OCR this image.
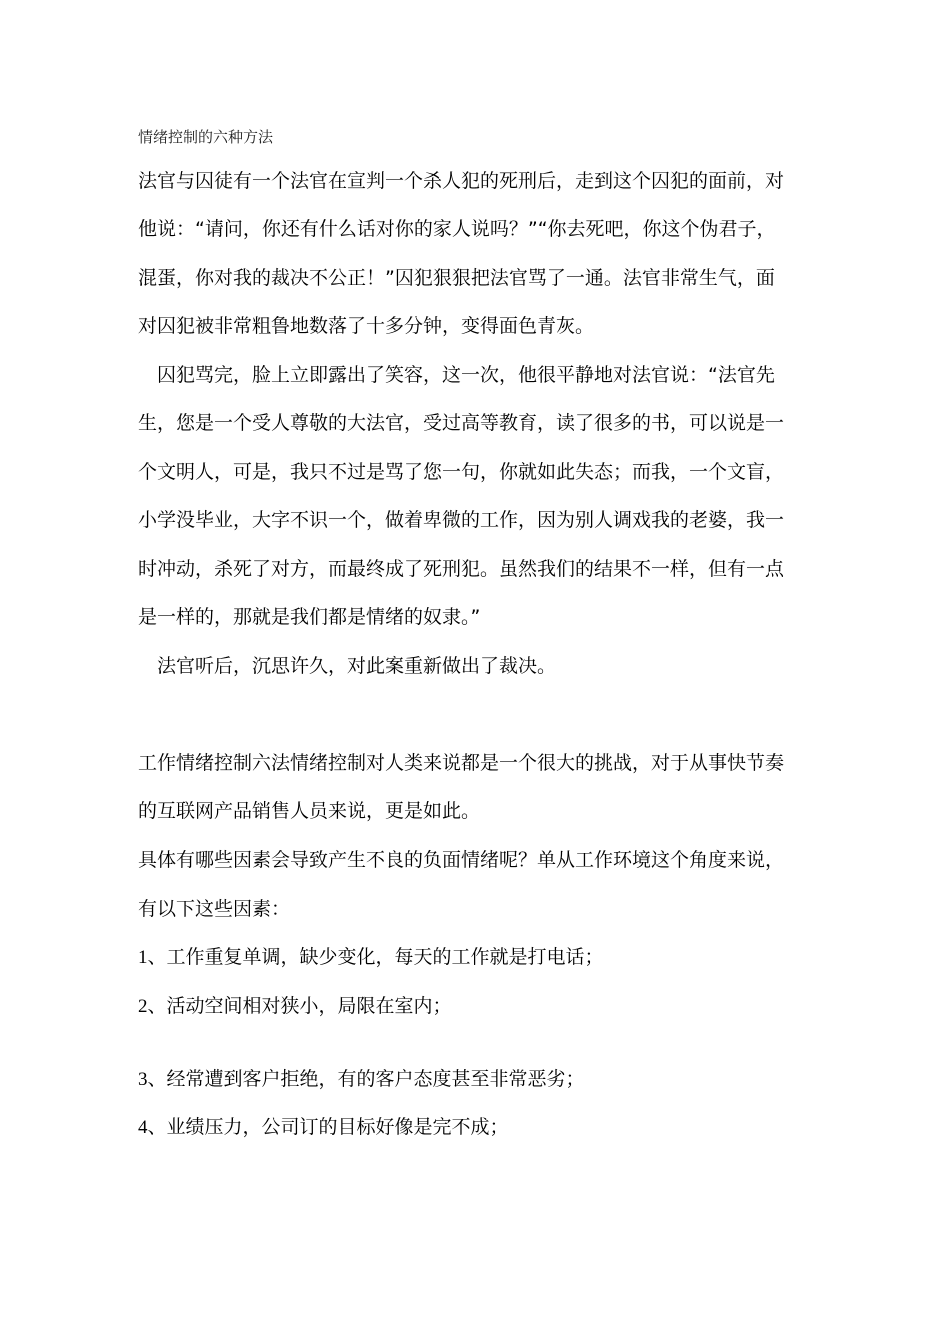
情绪控制的六种方法
法官与囚徒有一个法官在宣判一个杀人犯的死刑后，走到这个囚犯的面前，对
他说：“请问，你还有什么话对你的家人说吗？”“你去死吧，你这个伪君子，
混蛋，你对我的裁决不公正！”囚犯狠狠把法官骂了一通。法官非常生气，面
对囚犯被非常粗鲁地数落了十多分钟，变得面色青灰。
　囚犯骂完，脸上立即露出了笑容，这一次，他很平静地对法官说：“法官先
生，您是一个受人尊敬的大法官，受过高等教育，读了很多的书，可以说是一
个文明人，可是，我只不过是骂了您一句，你就如此失态；而我，一个文盲，
小学没毕业，大字不识一个，做着卑微的工作，因为别人调戏我的老婆，我一
时冲动，杀死了对方，而最终成了死刑犯。虽然我们的结果不一样，但有一点
是一样的，那就是我们都是情绪的奴隶。”
　法官听后，沉思许久，对此案重新做出了裁决。
工作情绪控制六法情绪控制对人类来说都是一个很大的挑战，对于从事快节奏
的互联网产品销售人员来说，更是如此。
具体有哪些因素会导致产生不良的负面情绪呢？单从工作环境这个角度来说，
有以下这些因素：
1、工作重复单调，缺少变化，每天的工作就是打电话；
2、活动空间相对狭小，局限在室内；
3、经常遭到客户拒绝，有的客户态度甚至非常恶劣；
4、业绩压力，公司订的目标好像是完不成；
